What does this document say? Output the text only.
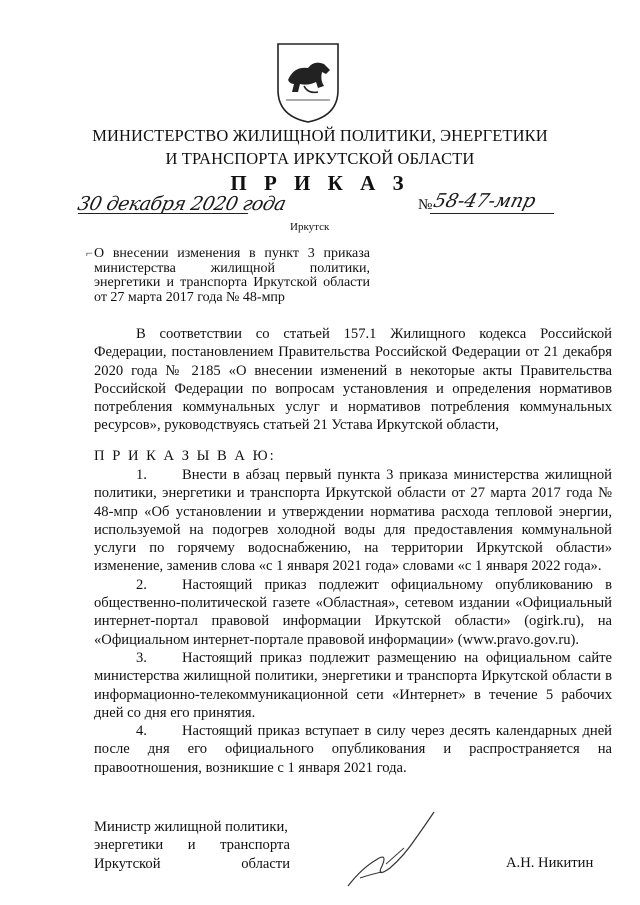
МИНИСТЕРСТВО ЖИЛИЩНОЙ ПОЛИТИКИ, ЭНЕРГЕТИКИ
И ТРАНСПОРТА ИРКУТСКОЙ ОБЛАСТИ
П Р И К А З
30 декабря 2020 года	№
58-47-мпр
Иркутск
⌐ О внесении изменения в пункт 3 приказа
министерства жилищной политики,
энергетики и транспорта Иркутской области
от 27 марта 2017 года № 48-мпр

В соответствии со статьей 157.1 Жилищного кодекса Российской Федерации, постановлением Правительства Российской Федерации от 21 декабря 2020 года № 2185 «О внесении изменений в некоторые акты Правительства Российской Федерации по вопросам установления и определения нормативов потребления коммунальных услуг и нормативов потребления коммунальных ресурсов», руководствуясь статьей 21 Устава Иркутской области,

П Р И К А З Ы В А Ю:

1. Внести в абзац первый пункта 3 приказа министерства жилищной политики, энергетики и транспорта Иркутской области от 27 марта 2017 года № 48-мпр «Об установлении и утверждении норматива расхода тепловой энергии, используемой на подогрев холодной воды для предоставления коммунальной услуги по горячему водоснабжению, на территории Иркутской области» изменение, заменив слова «с 1 января 2021 года» словами «с 1 января 2022 года».

2. Настоящий приказ подлежит официальному опубликованию в общественно-политической газете «Областная», сетевом издании «Официальный интернет-портал правовой информации Иркутской области» (ogirk.ru), на «Официальном интернет-портале правовой информации» (www.pravo.gov.ru).

3. Настоящий приказ подлежит размещению на официальном сайте министерства жилищной политики, энергетики и транспорта Иркутской области в информационно-телекоммуникационной сети «Интернет» в течение 5 рабочих дней со дня его принятия.

4. Настоящий приказ вступает в силу через десять календарных дней после дня его официального опубликования и распространяется на правоотношения, возникшие с 1 января 2021 года.

Министр жилищной политики,
энергетики и транспорта
Иркутской области	А.Н. Никитин
